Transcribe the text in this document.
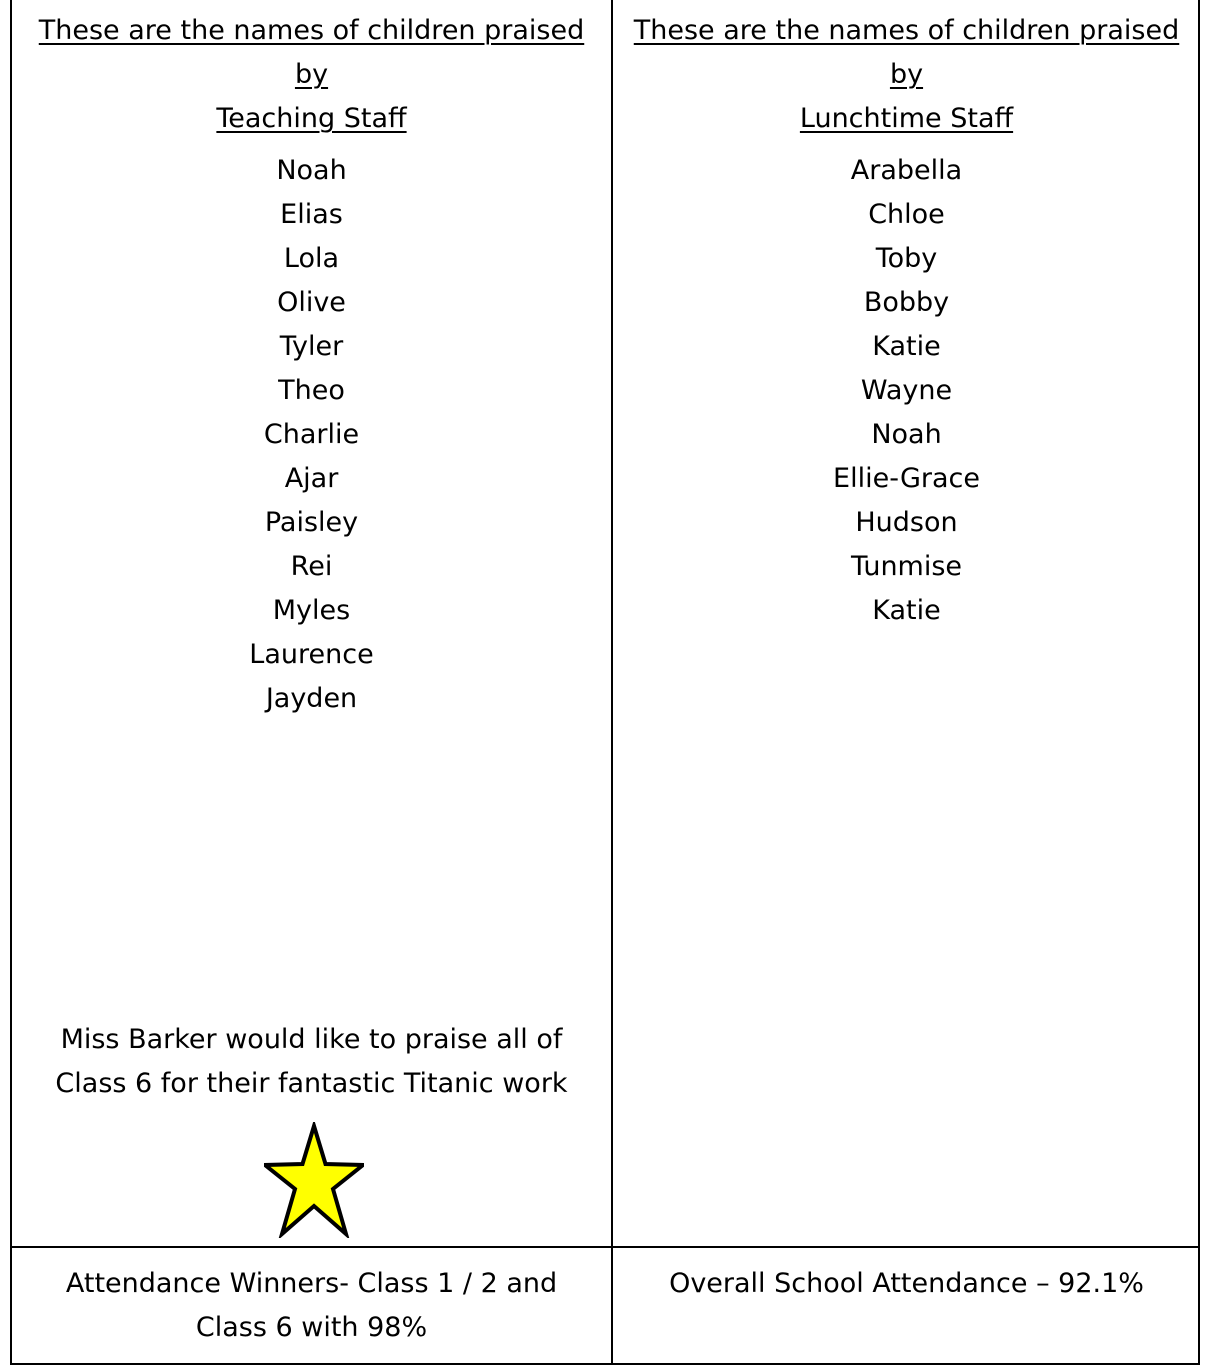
These are the names of children praised
by
Teaching Staff
Noah
Elias
Lola
Olive
Tyler
Theo
Charlie
Ajar
Paisley
Rei
Myles
Laurence
Jayden
Miss Barker would like to praise all of
Class 6 for their fantastic Titanic work
These are the names of children praised
by
Lunchtime Staff
Arabella
Chloe
Toby
Bobby
Katie
Wayne
Noah
Ellie-Grace
Hudson
Tunmise
Katie
Attendance Winners- Class 1 / 2 and
Class 6 with 98%
Overall School Attendance – 92.1%
